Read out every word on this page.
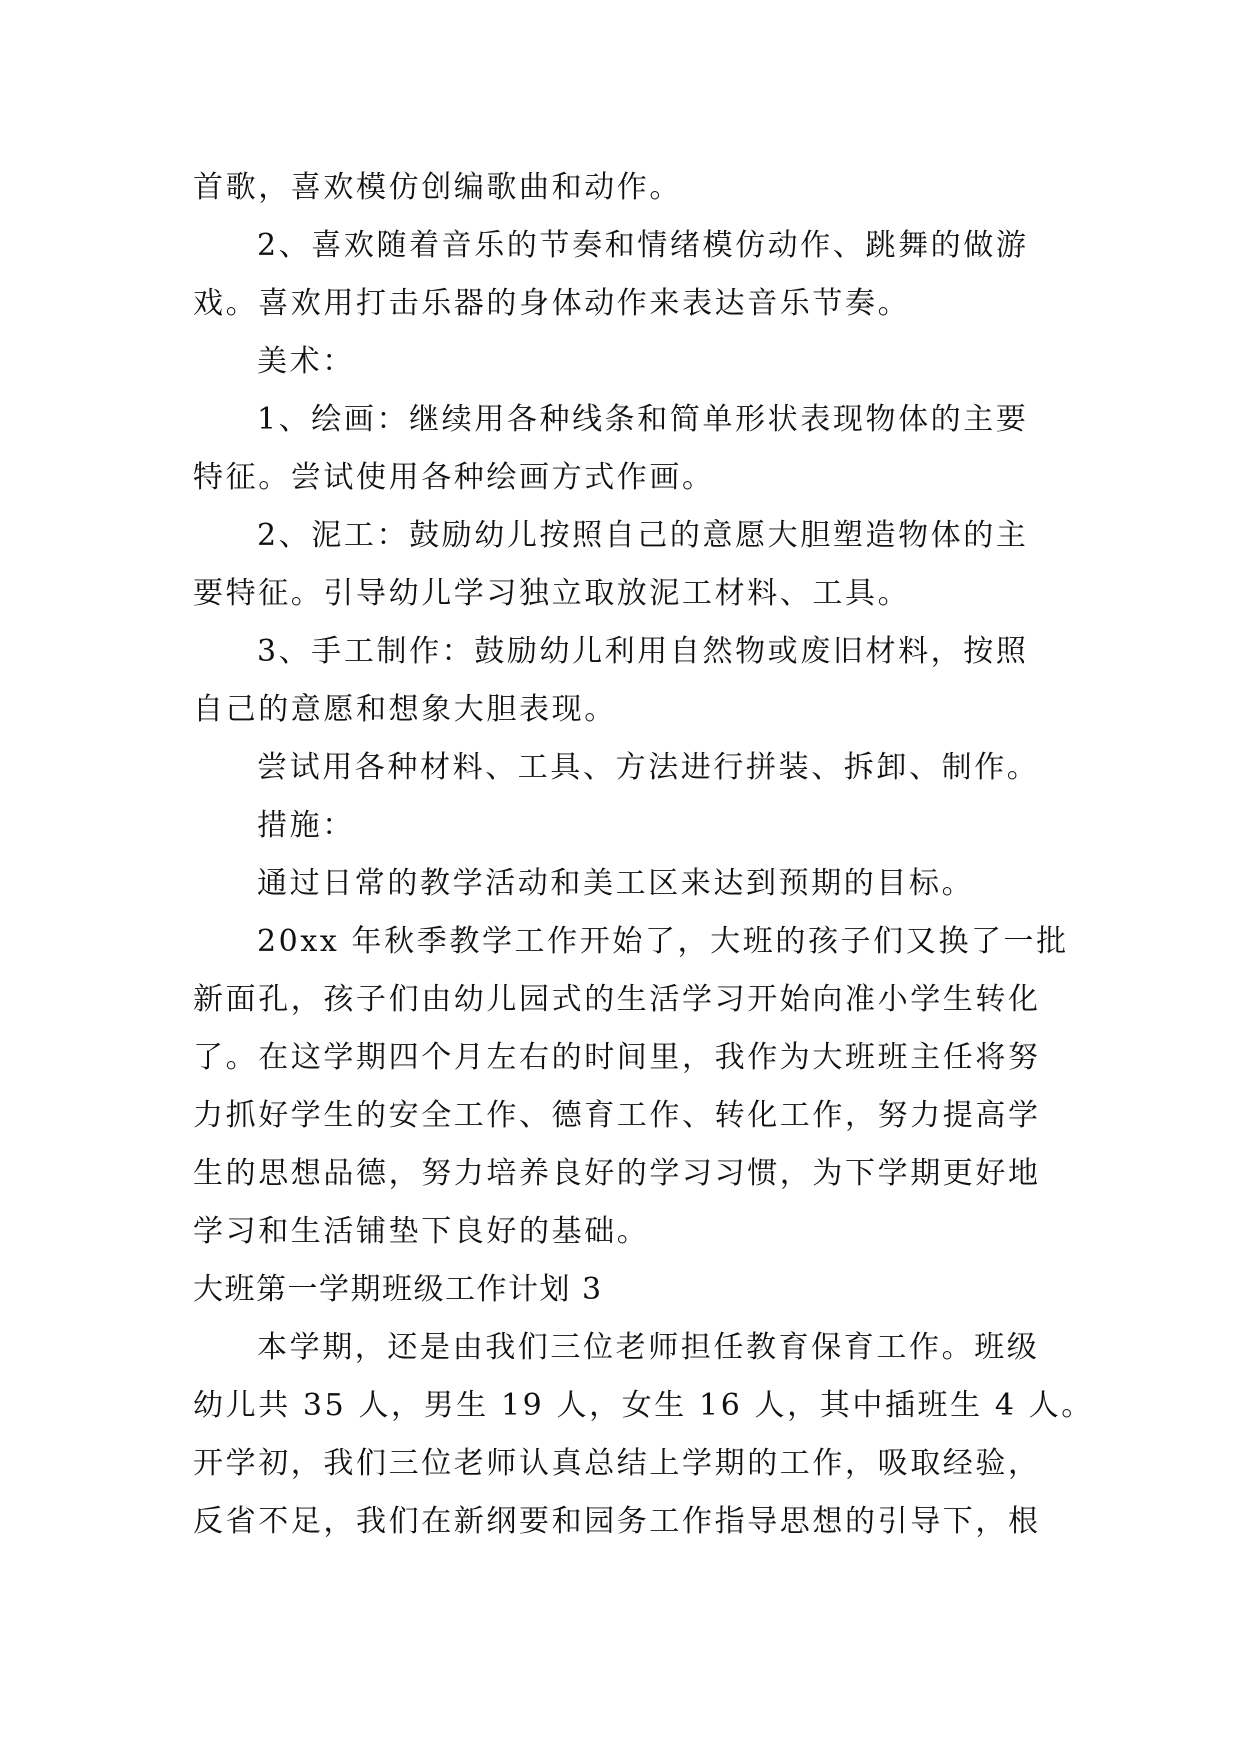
首歌，喜欢模仿创编歌曲和动作。
2、喜欢随着音乐的节奏和情绪模仿动作、跳舞的做游
戏。喜欢用打击乐器的身体动作来表达音乐节奏。
美术：
1、绘画：继续用各种线条和简单形状表现物体的主要
特征。尝试使用各种绘画方式作画。
2、泥工：鼓励幼儿按照自己的意愿大胆塑造物体的主
要特征。引导幼儿学习独立取放泥工材料、工具。
3、手工制作：鼓励幼儿利用自然物或废旧材料，按照
自己的意愿和想象大胆表现。
尝试用各种材料、工具、方法进行拼装、拆卸、制作。
措施：
通过日常的教学活动和美工区来达到预期的目标。
20xx 年秋季教学工作开始了，大班的孩子们又换了一批
新面孔，孩子们由幼儿园式的生活学习开始向准小学生转化
了。在这学期四个月左右的时间里，我作为大班班主任将努
力抓好学生的安全工作、德育工作、转化工作，努力提高学
生的思想品德，努力培养良好的学习习惯，为下学期更好地
学习和生活铺垫下良好的基础。
大班第一学期班级工作计划 3
本学期，还是由我们三位老师担任教育保育工作。班级
幼儿共 35 人，男生 19 人，女生 16 人，其中插班生 4 人。
开学初，我们三位老师认真总结上学期的工作，吸取经验，
反省不足，我们在新纲要和园务工作指导思想的引导下，根
